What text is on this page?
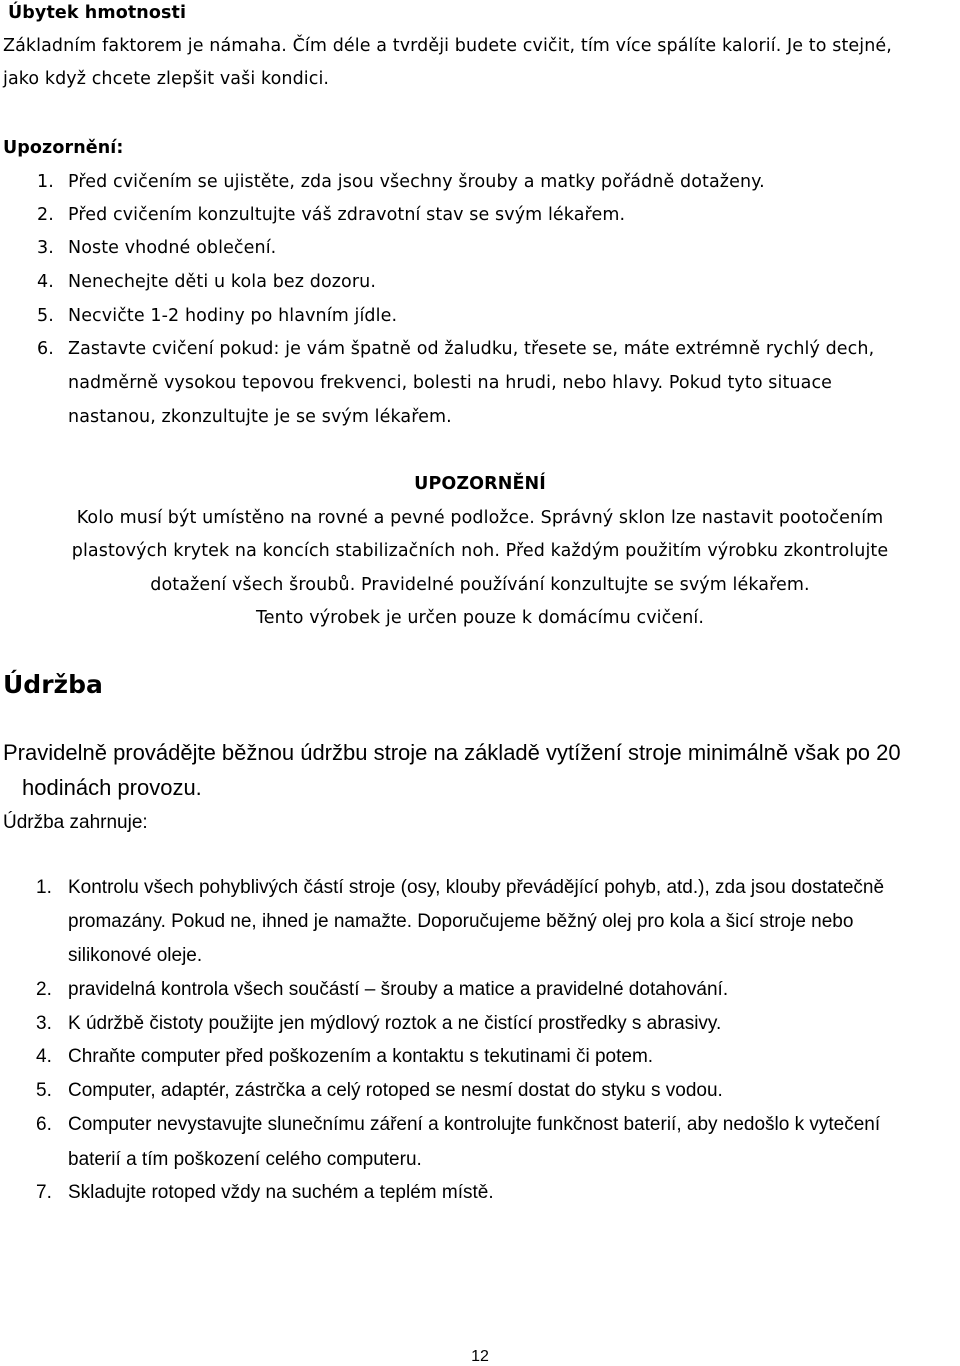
Úbytek hmotnosti
Základním faktorem je námaha. Čím déle a tvrději budete cvičit, tím více spálíte kalorií. Je to stejné,
jako když chcete zlepšit vaši kondici.
Upozornění:
1. Před cvičením se ujistěte, zda jsou všechny šrouby a matky pořádně dotaženy.
2. Před cvičením konzultujte váš zdravotní stav se svým lékařem.
3. Noste vhodné oblečení.
4. Nenechejte děti u kola bez dozoru.
5. Necvičte 1-2 hodiny po hlavním jídle.
6. Zastavte cvičení pokud: je vám špatně od žaludku, třesete se, máte extrémně rychlý dech,
nadměrně vysokou tepovou frekvenci, bolesti na hrudi, nebo hlavy. Pokud tyto situace
nastanou, zkonzultujte je se svým lékařem.
UPOZORNĚNÍ
Kolo musí být umístěno na rovné a pevné podložce. Správný sklon lze nastavit pootočením
plastových krytek na koncích stabilizačních noh. Před každým použitím výrobku zkontrolujte
dotažení všech šroubů. Pravidelné používání konzultujte se svým lékařem.
Tento výrobek je určen pouze k domácímu cvičení.
Údržba
Pravidelně provádějte běžnou údržbu stroje na základě vytížení stroje minimálně však po 20
hodinách provozu.
Údržba zahrnuje:
1. Kontrolu všech pohyblivých částí stroje (osy, klouby převádějící pohyb, atd.), zda jsou dostatečně
promazány. Pokud ne, ihned je namažte. Doporučujeme běžný olej pro kola a šicí stroje nebo
silikonové oleje.
2. pravidelná kontrola všech součástí – šrouby a matice a pravidelné dotahování.
3. K údržbě čistoty použijte jen mýdlový roztok a ne čistící prostředky s abrasivy.
4. Chraňte computer před poškozením a kontaktu s tekutinami či potem.
5. Computer, adaptér, zástrčka a celý rotoped se nesmí dostat do styku s vodou.
6. Computer nevystavujte slunečnímu záření a kontrolujte funkčnost baterií, aby nedošlo k vytečení
baterií a tím poškození celého computeru.
7. Skladujte rotoped vždy na suchém a teplém místě.
12
